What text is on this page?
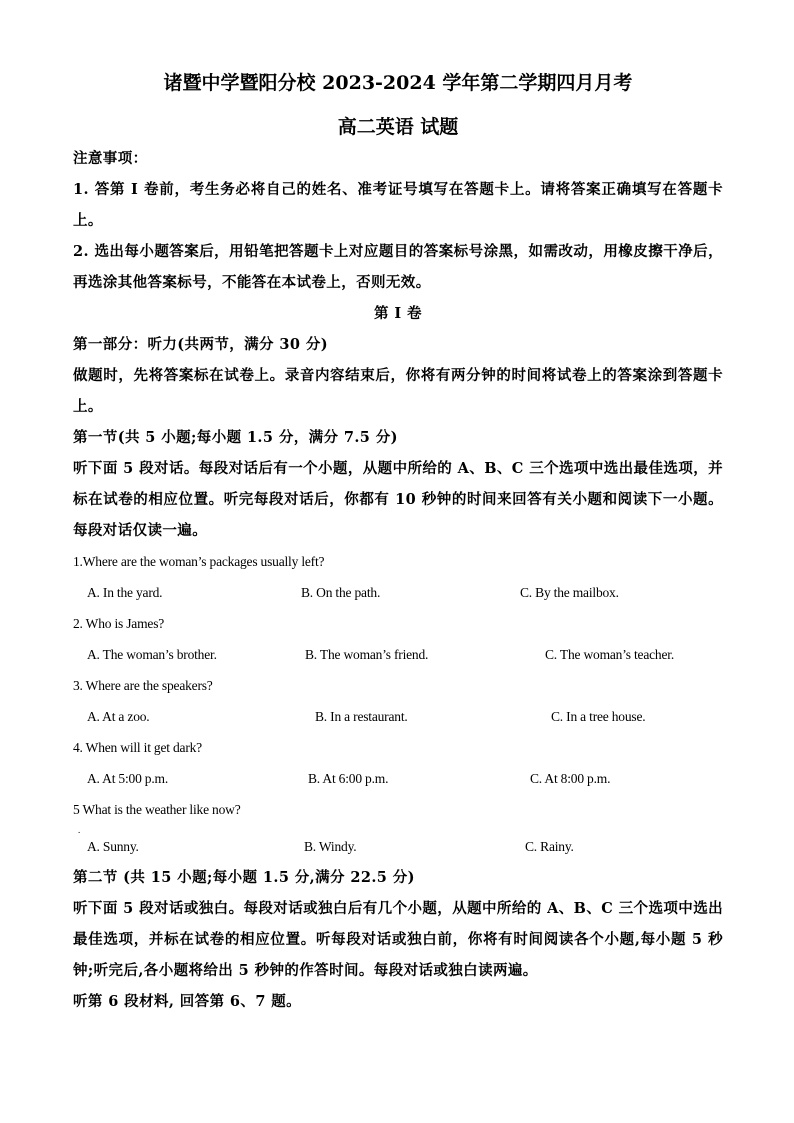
诸暨中学暨阳分校 2023-2024 学年第二学期四月月考
高二英语 试题
注意事项：
1. 答第 I 卷前，考生务必将自己的姓名、准考证号填写在答题卡上。请将答案正确填写在答题卡上。
2. 选出每小题答案后，用铅笔把答题卡上对应题目的答案标号涂黑，如需改动，用橡皮擦干净后，再选涂其他答案标号，不能答在本试卷上，否则无效。
第 I 卷
第一部分：听力(共两节，满分 30 分)
做题时，先将答案标在试卷上。录音内容结束后，你将有两分钟的时间将试卷上的答案涂到答题卡上。
第一节(共 5 小题;每小题 1.5 分，满分 7.5 分)
听下面 5 段对话。每段对话后有一个小题，从题中所给的 A、B、C 三个选项中选出最佳选项，并标在试卷的相应位置。听完每段对话后，你都有 10 秒钟的时间来回答有关小题和阅读下一小题。每段对话仅读一遍。
1.Where are the woman’s packages usually left?
A. In the yard.	B. On the path.	C. By the mailbox.
2. Who is James?
A. The woman’s brother.	B. The woman’s friend.	C. The woman’s teacher.
3. Where are the speakers?
A. At a zoo.	B. In a restaurant.	C. In a tree house.
4. When will it get dark?
A. At 5:00 p.m.	B. At 6:00 p.m.	C. At 8:00 p.m.
5 What is the weather like now?
.
A. Sunny.	B. Windy.	C. Rainy.
第二节 (共 15 小题;每小题 1.5 分,满分 22.5 分)
听下面 5 段对话或独白。每段对话或独白后有几个小题，从题中所给的 A、B、C 三个选项中选出最佳选项，并标在试卷的相应位置。听每段对话或独白前，你将有时间阅读各个小题,每小题 5 秒钟;听完后,各小题将给出 5 秒钟的作答时间。每段对话或独白读两遍。
听第 6 段材料, 回答第 6、7 题。
